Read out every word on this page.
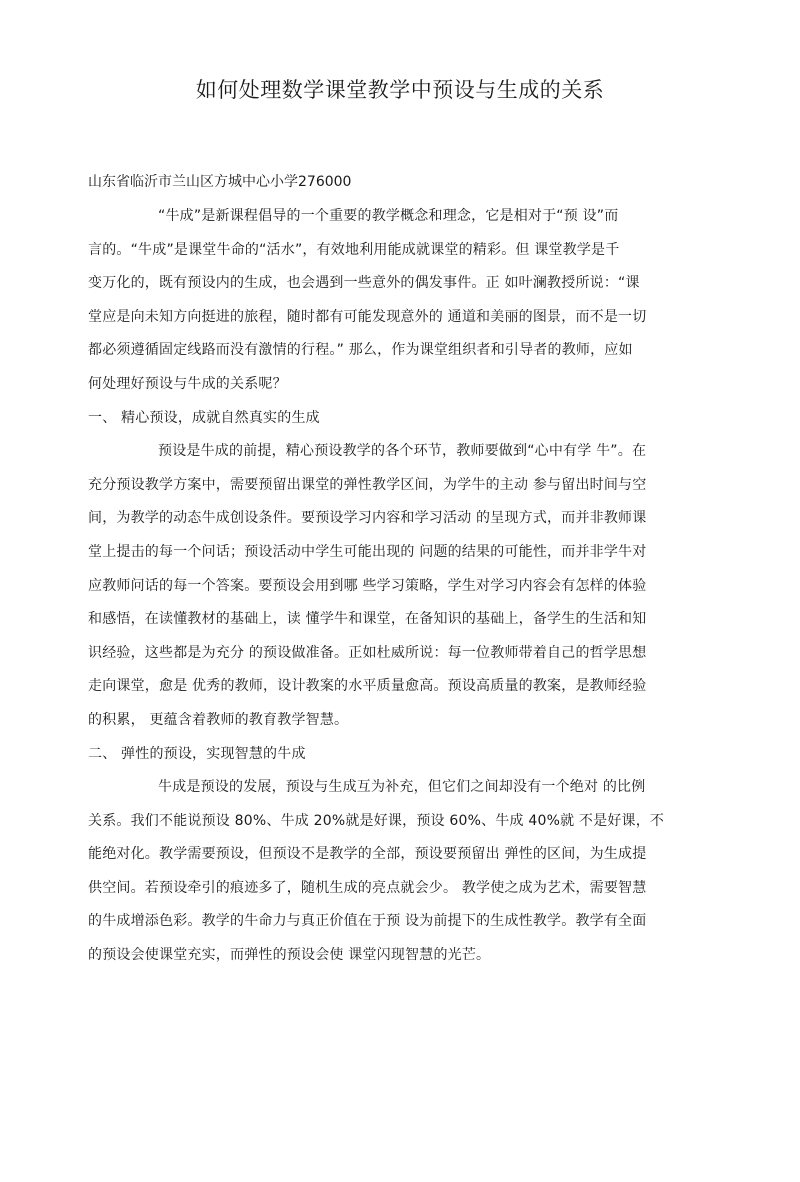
如何处理数学课堂教学中预设与生成的关系

山东省临沂市兰山区方城中心小学276000

“牛成”是新课程倡导的一个重要的教学概念和理念，它是相对于“预 设”而
言的。“牛成”是课堂牛命的“活水”，有效地利用能成就课堂的精彩。但 课堂教学是千
变万化的，既有预设内的生成，也会遇到一些意外的偶发事件。正 如叶澜教授所说：“课
堂应是向未知方向挺进的旅程，随时都有可能发现意外的 通道和美丽的图景，而不是一切
都必须遵循固定线路而没有激情的行程。” 那么，作为课堂组织者和引导者的教师，应如
何处理好预设与牛成的关系呢？
一、 精心预设，成就自然真实的生成
预设是牛成的前提，精心预设教学的各个环节，教师要做到“心中有学 牛”。在
充分预设教学方案中，需要预留出课堂的弹性教学区间，为学牛的主动 参与留出时间与空
间，为教学的动态牛成创设条件。要预设学习内容和学习活动 的呈现方式，而并非教师课
堂上提击的每一个问话；预设活动中学生可能出现的 问题的结果的可能性，而并非学牛对
应教师问话的每一个答案。要预设会用到哪 些学习策略，学生对学习内容会有怎样的体验
和感悟，在读懂教材的基础上，读 懂学牛和课堂，在备知识的基础上，备学生的生活和知
识经验，这些都是为充分 的预设做准备。正如杜威所说：每一位教师带着自己的哲学思想
走向课堂，愈是 优秀的教师，设计教案的水平质量愈高。预设高质量的教案，是教师经验
的积累， 更蕴含着教师的教育教学智慧。
二、 弹性的预设，实现智慧的牛成
牛成是预设的发展，预设与生成互为补充，但它们之间却没有一个绝对 的比例
关系。我们不能说预设 80%、牛成 20%就是好课，预设 60%、牛成 40%就 不是好课，不
能绝对化。教学需要预设，但预设不是教学的全部，预设要预留出 弹性的区间，为生成提
供空间。若预设牵引的痕迹多了，随机生成的亮点就会少。 教学使之成为艺术，需要智慧
的牛成增添色彩。教学的牛命力与真正价值在于预 设为前提下的生成性教学。教学有全面
的预设会使课堂充实，而弹性的预设会使 课堂闪现智慧的光芒。
